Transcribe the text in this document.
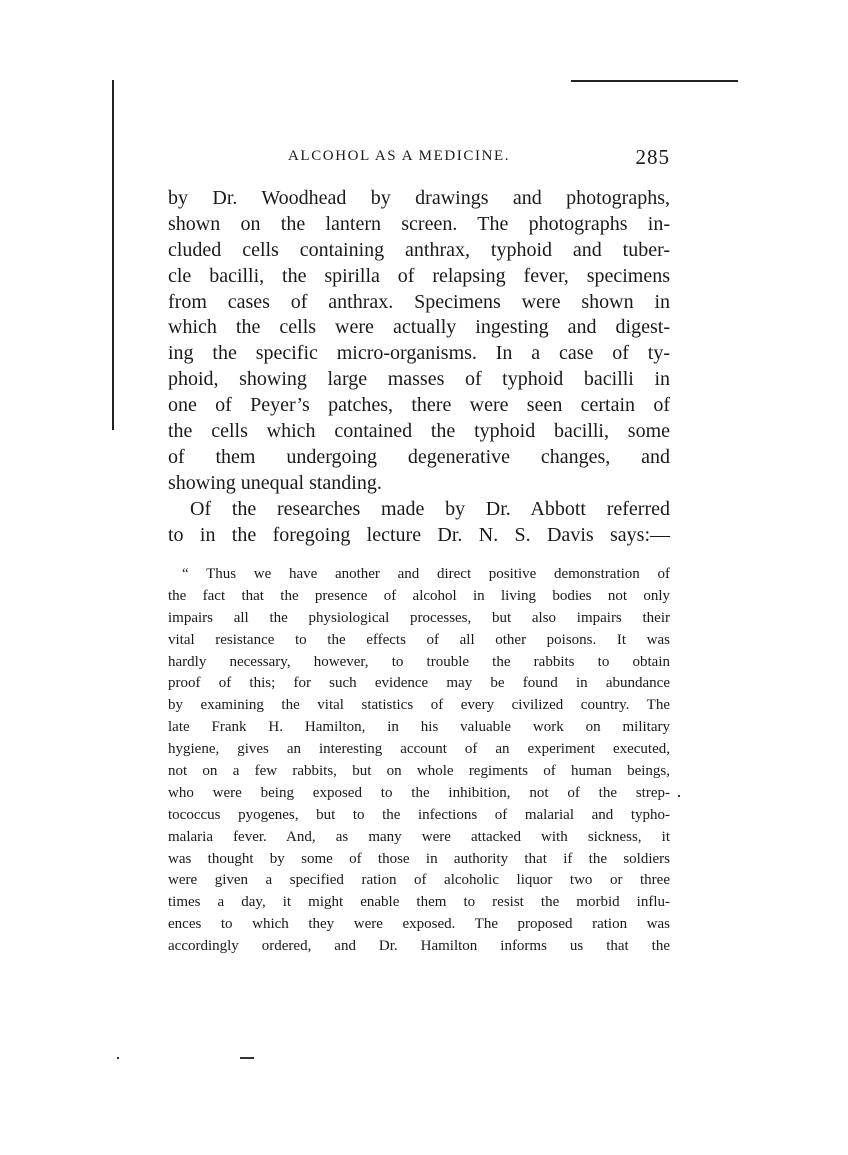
ALCOHOL AS A MEDICINE.	285
by Dr. Woodhead by drawings and photographs,
shown on the lantern screen. The photographs in-
cluded cells containing anthrax, typhoid and tuber-
cle bacilli, the spirilla of relapsing fever, specimens
from cases of anthrax. Specimens were shown in
which the cells were actually ingesting and digest-
ing the specific micro-organisms. In a case of ty-
phoid, showing large masses of typhoid bacilli in
one of Peyer’s patches, there were seen certain of
the cells which contained the typhoid bacilli, some
of them undergoing degenerative changes, and
showing unequal standing.
Of the researches made by Dr. Abbott referred
to in the foregoing lecture Dr. N. S. Davis says:—
“ Thus we have another and direct positive demonstration of
the fact that the presence of alcohol in living bodies not only
impairs all the physiological processes, but also impairs their
vital resistance to the effects of all other poisons. It was
hardly necessary, however, to trouble the rabbits to obtain
proof of this; for such evidence may be found in abundance
by examining the vital statistics of every civilized country. The
late Frank H. Hamilton, in his valuable work on military
hygiene, gives an interesting account of an experiment executed,
not on a few rabbits, but on whole regiments of human beings,
who were being exposed to the inhibition, not of the strep-
tococcus pyogenes, but to the infections of malarial and typho-
malaria fever. And, as many were attacked with sickness, it
was thought by some of those in authority that if the soldiers
were given a specified ration of alcoholic liquor two or three
times a day, it might enable them to resist the morbid influ-
ences to which they were exposed. The proposed ration was
accordingly ordered, and Dr. Hamilton informs us that the
